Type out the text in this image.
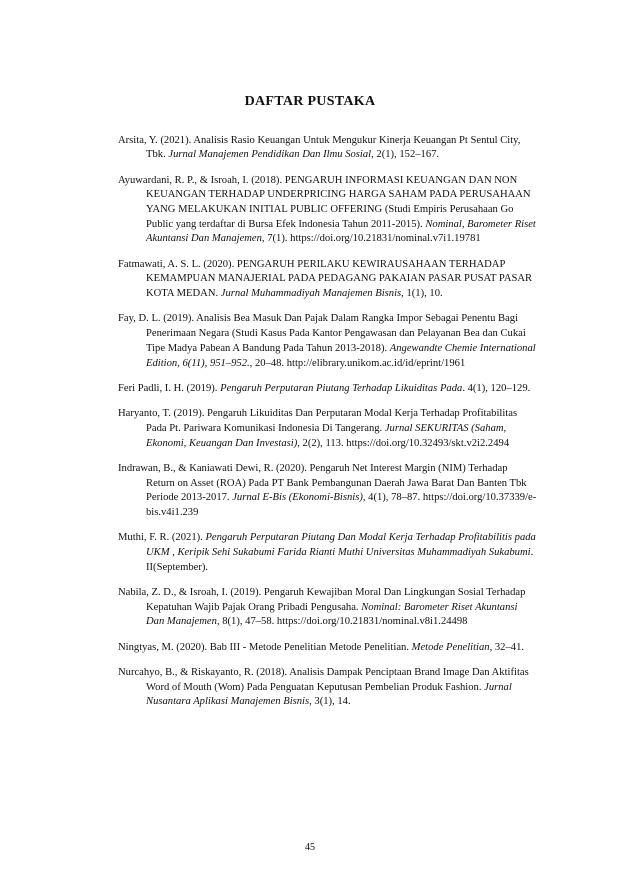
DAFTAR PUSTAKA

Arsita, Y. (2021). Analisis Rasio Keuangan Untuk Mengukur Kinerja Keuangan Pt Sentul City, Tbk. Jurnal Manajemen Pendidikan Dan Ilmu Sosial, 2(1), 152–167.

Ayuwardani, R. P., & Isroah, I. (2018). PENGARUH INFORMASI KEUANGAN DAN NON KEUANGAN TERHADAP UNDERPRICING HARGA SAHAM PADA PERUSAHAAN YANG MELAKUKAN INITIAL PUBLIC OFFERING (Studi Empiris Perusahaan Go Public yang terdaftar di Bursa Efek Indonesia Tahun 2011-2015). Nominal, Barometer Riset Akuntansi Dan Manajemen, 7(1). https://doi.org/10.21831/nominal.v7i1.19781

Fatmawati, A. S. L. (2020). PENGARUH PERILAKU KEWIRAUSAHAAN TERHADAP KEMAMPUAN MANAJERIAL PADA PEDAGANG PAKAIAN PASAR PUSAT PASAR KOTA MEDAN. Jurnal Muhammadiyah Manajemen Bisnis, 1(1), 10.

Fay, D. L. (2019). Analisis Bea Masuk Dan Pajak Dalam Rangka Impor Sebagai Penentu Bagi Penerimaan Negara (Studi Kasus Pada Kantor Pengawasan dan Pelayanan Bea dan Cukai Tipe Madya Pabean A Bandung Pada Tahun 2013-2018). Angewandte Chemie International Edition, 6(11), 951–952., 20–48. http://elibrary.unikom.ac.id/id/eprint/1961

Feri Padli, I. H. (2019). Pengaruh Perputaran Piutang Terhadap Likuiditas Pada. 4(1), 120–129.

Haryanto, T. (2019). Pengaruh Likuiditas Dan Perputaran Modal Kerja Terhadap Profitabilitas Pada Pt. Pariwara Komunikasi Indonesia Di Tangerang. Jurnal SEKURITAS (Saham, Ekonomi, Keuangan Dan Investasi), 2(2), 113. https://doi.org/10.32493/skt.v2i2.2494

Indrawan, B., & Kaniawati Dewi, R. (2020). Pengaruh Net Interest Margin (NIM) Terhadap Return on Asset (ROA) Pada PT Bank Pembangunan Daerah Jawa Barat Dan Banten Tbk Periode 2013-2017. Jurnal E-Bis (Ekonomi-Bisnis), 4(1), 78–87. https://doi.org/10.37339/e-bis.v4i1.239

Muthi, F. R. (2021). Pengaruh Perputaran Piutang Dan Modal Kerja Terhadap Profitabilitis pada UKM , Keripik Sehi Sukabumi Farida Rianti Muthi Universitas Muhammadiyah Sukabumi. II(September).

Nabila, Z. D., & Isroah, I. (2019). Pengaruh Kewajiban Moral Dan Lingkungan Sosial Terhadap Kepatuhan Wajib Pajak Orang Pribadi Pengusaha. Nominal: Barometer Riset Akuntansi Dan Manajemen, 8(1), 47–58. https://doi.org/10.21831/nominal.v8i1.24498

Ningtyas, M. (2020). Bab III - Metode Penelitian Metode Penelitian. Metode Penelitian, 32–41.

Nurcahyo, B., & Riskayanto, R. (2018). Analisis Dampak Penciptaan Brand Image Dan Aktifitas Word of Mouth (Wom) Pada Penguatan Keputusan Pembelian Produk Fashion. Jurnal Nusantara Aplikasi Manajemen Bisnis, 3(1), 14.

45
